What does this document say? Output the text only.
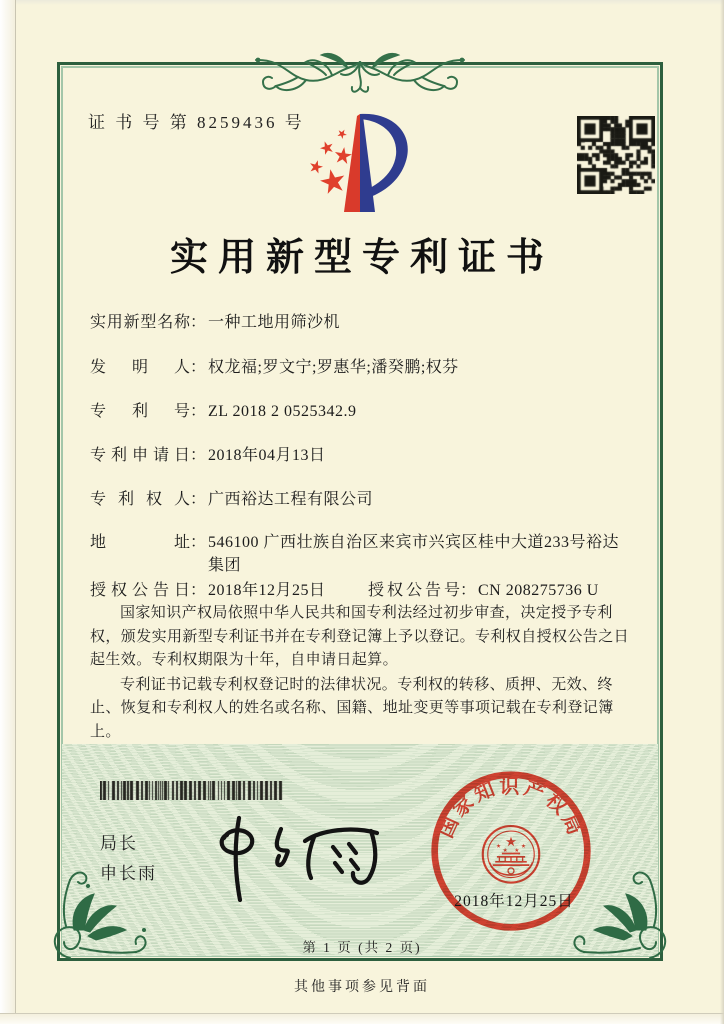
证 书 号 第 8259436 号
实用新型专利证书
实用新型名称 ： 一种工地用筛沙机
发明人 ： 权龙福;罗文宁;罗惠华;潘癸鹏;权芬
专利号 ： ZL 2018 2 0525342.9
专利申请日 ： 2018年04月13日
专利权人 ： 广西裕达工程有限公司
地址 ： 546100 广西壮族自治区来宾市兴宾区桂中大道233号裕达集团
授权公告日 ： 2018年12月25日	授权公告号 ： CN 208275736 U

国家知识产权局依照中华人民共和国专利法经过初步审查，决定授予专利权，颁发实用新型专利证书并在专利登记簿上予以登记。专利权自授权公告之日起生效。专利权期限为十年，自申请日起算。

专利证书记载专利权登记时的法律状况。专利权的转移、质押、无效、终止、恢复和专利权人的姓名或名称、国籍、地址变更等事项记载在专利登记簿上。

局长
申长雨
国家知识产权局
2018年12月25日
第 1 页 (共 2 页)
其他事项参见背面
